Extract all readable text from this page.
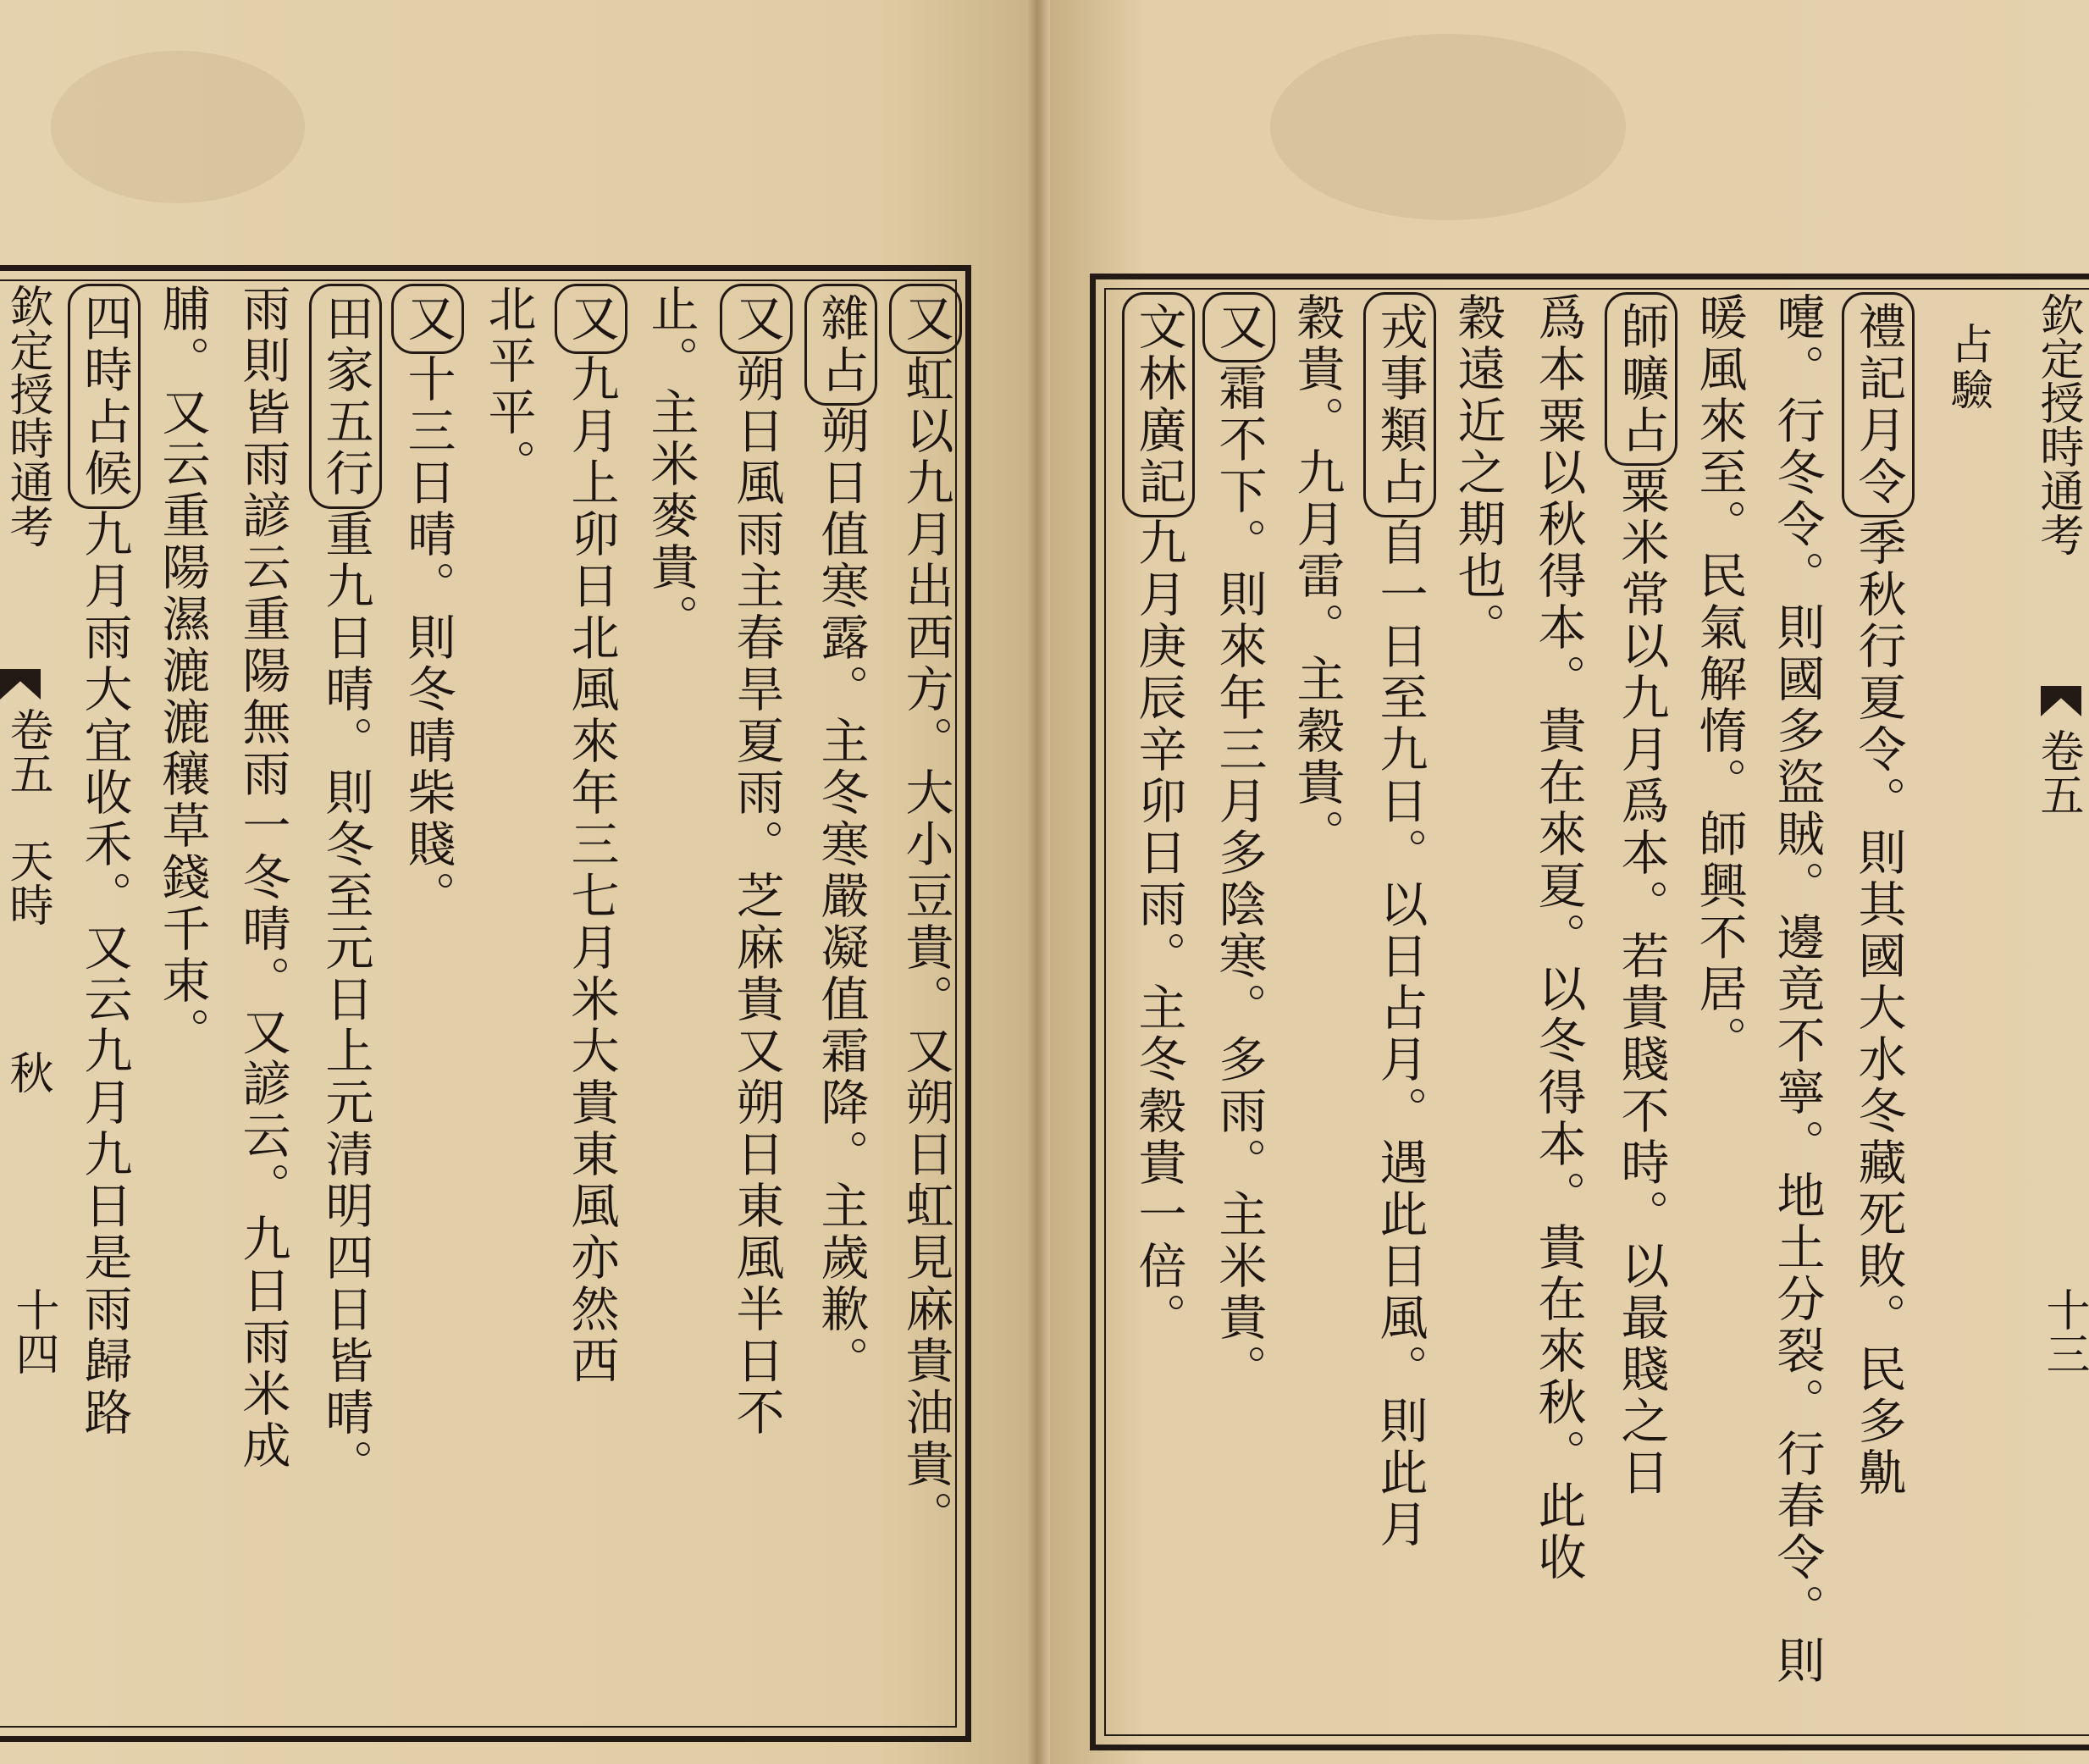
欽定授時通考
卷五
天時
秋
十四
又虹以九月出西方。大小豆貴。又朔日虹見麻貴油貴。
雜占朔日值寒露。主冬寒嚴凝值霜降。主歲歉。
又朔日風雨主春旱夏雨。芝麻貴又朔日東風半日不
止。主米麥貴。
又九月上卯日北風來年三七月米大貴東風亦然西
北平平。
又十三日晴。則冬晴柴賤。
田家五行重九日晴。則冬至元日上元清明四日皆晴。
雨則皆雨諺云重陽無雨一冬晴。又諺云。九日雨米成
脯。又云重陽濕漉漉穰草錢千束。
四時占候九月雨大宜收禾。又云九月九日是雨歸路
欽定授時通考
卷五
十三
占驗
禮記月令季秋行夏令。則其國大水冬藏死敗。民多鼽
嚏。行冬令。則國多盜賊。邊竟不寧。地土分裂。行春令。則
暖風來至。民氣解惰。師興不居。
師曠占粟米常以九月爲本。若貴賤不時。以最賤之日
爲本粟以秋得本。貴在來夏。以冬得本。貴在來秋。此收
穀遠近之期也。
戎事類占自一日至九日。以日占月。遇此日風。則此月
穀貴。九月雷。主穀貴。
又霜不下。則來年三月多陰寒。多雨。主米貴。
文林廣記九月庚辰辛卯日雨。主冬穀貴一倍。
